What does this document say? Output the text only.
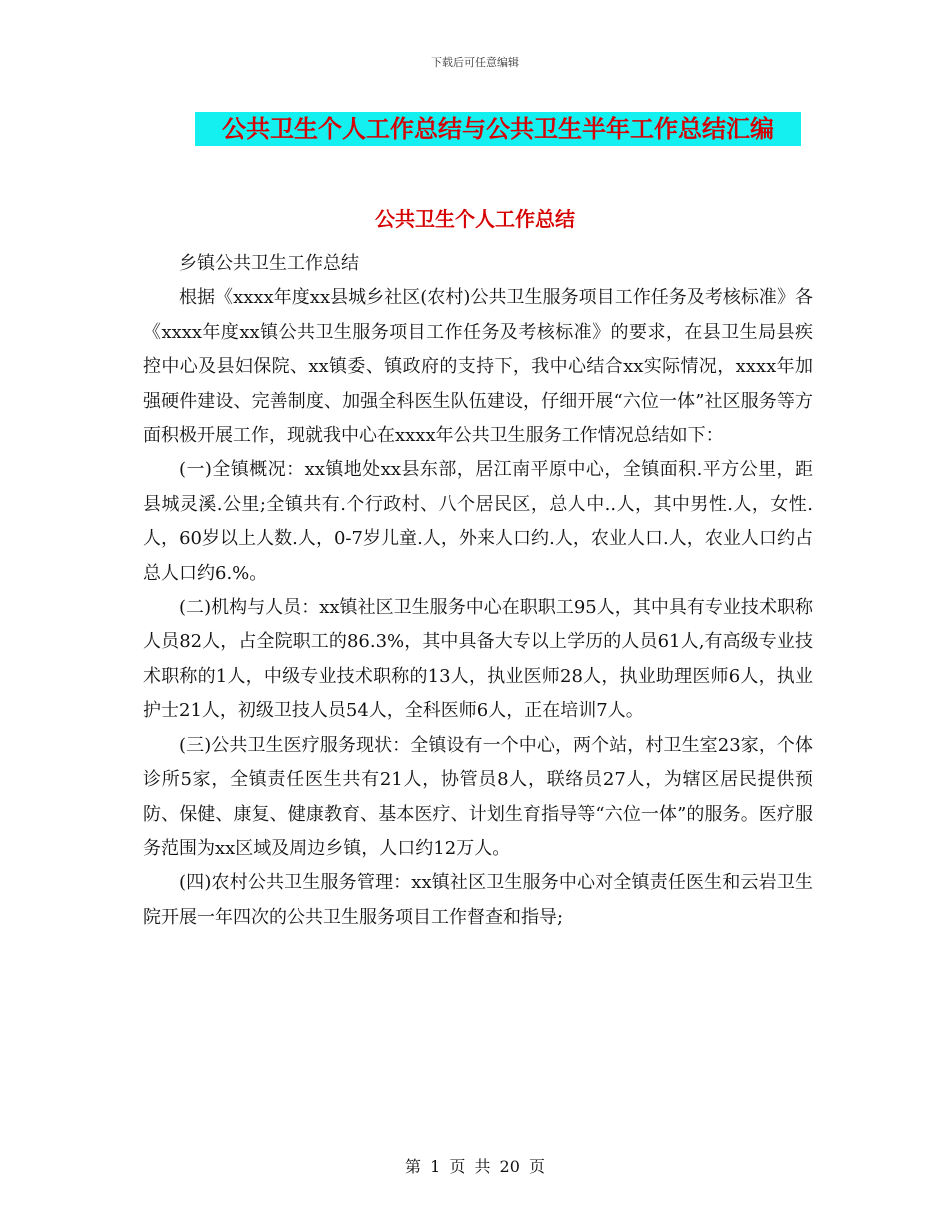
下载后可任意编辑
公共卫生个人工作总结与公共卫生半年工作总结汇编
公共卫生个人工作总结

乡镇公共卫生工作总结

根据《xxxx年度xx县城乡社区(农村)公共卫生服务项目工作任务及考核标准》各《xxxx年度xx镇公共卫生服务项目工作任务及考核标准》的要求，在县卫生局县疾控中心及县妇保院、xx镇委、镇政府的支持下，我中心结合xx实际情况，xxxx年加强硬件建设、完善制度、加强全科医生队伍建设，仔细开展“六位一体”社区服务等方面积极开展工作，现就我中心在xxxx年公共卫生服务工作情况总结如下：

(一)全镇概况：xx镇地处xx县东部，居江南平原中心，全镇面积.平方公里，距县城灵溪.公里;全镇共有.个行政村、八个居民区，总人中..人，其中男性.人，女性.人，60岁以上人数.人，0-7岁儿童.人，外来人口约.人，农业人口.人，农业人口约占总人口约6.%。

(二)机构与人员：xx镇社区卫生服务中心在职职工95人，其中具有专业技术职称人员82人，占全院职工的86.3%，其中具备大专以上学历的人员61人,有高级专业技术职称的1人，中级专业技术职称的13人，执业医师28人，执业助理医师6人，执业护士21人，初级卫技人员54人，全科医师6人，正在培训7人。

(三)公共卫生医疗服务现状：全镇设有一个中心，两个站，村卫生室23家，个体诊所5家，全镇责任医生共有21人，协管员8人，联络员27人，为辖区居民提供预防、保健、康复、健康教育、基本医疗、计划生育指导等“六位一体”的服务。医疗服务范围为xx区域及周边乡镇，人口约12万人。

(四)农村公共卫生服务管理：xx镇社区卫生服务中心对全镇责任医生和云岩卫生院开展一年四次的公共卫生服务项目工作督查和指导;

第 1 页 共 20 页
